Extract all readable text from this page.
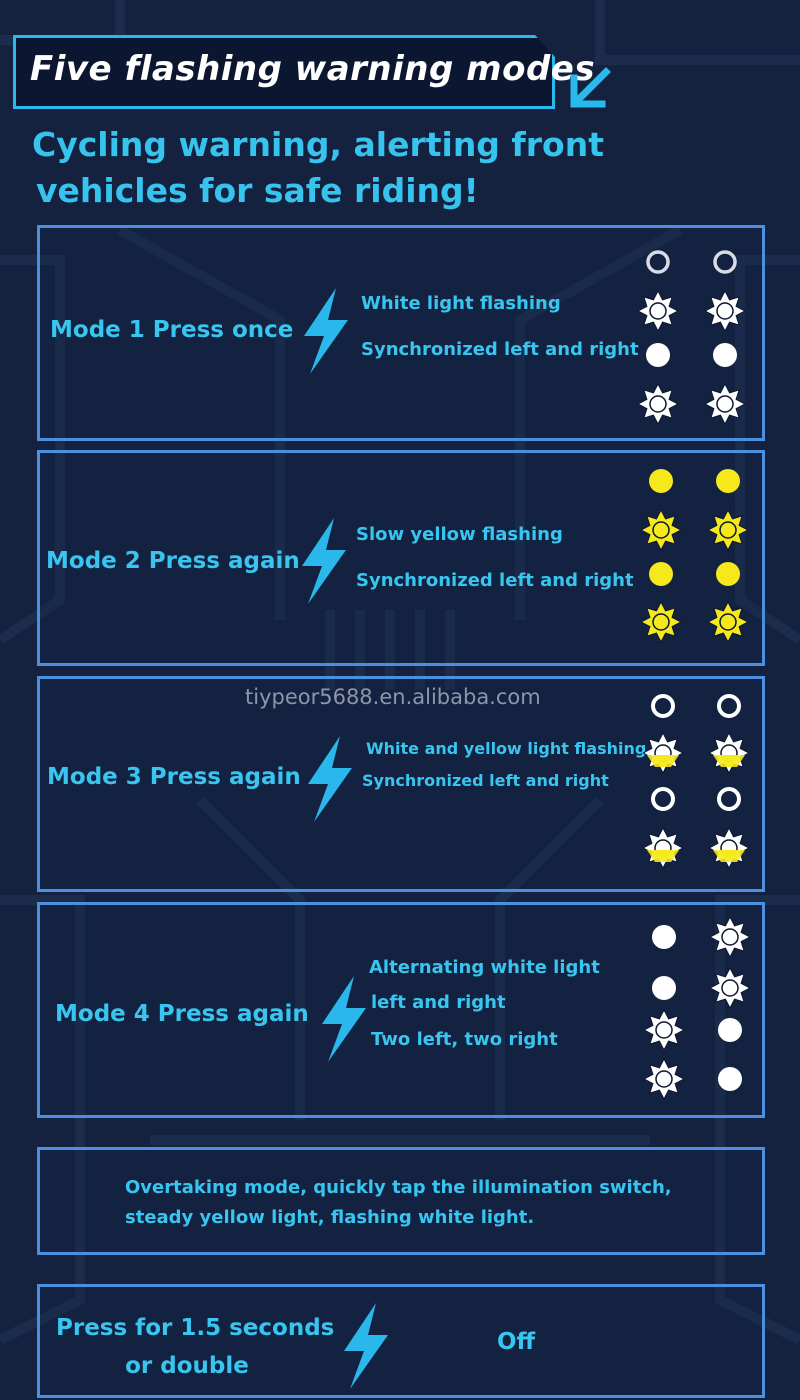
Five flashing warning modes
Cycling warning, alerting front
vehicles for safe riding!
Mode 1 Press once
White light flashing
Synchronized left and right
Mode 2 Press again
Slow yellow flashing
Synchronized left and right
Mode 3 Press again
White and yellow light flashing
Synchronized left and right
Mode 4 Press again
Alternating white light
left and right
Two left, two right
tiypeor5688.en.alibaba.com
Overtaking mode, quickly tap the illumination switch,
steady yellow light, flashing white light.
Press for 1.5 seconds
or double
Off
